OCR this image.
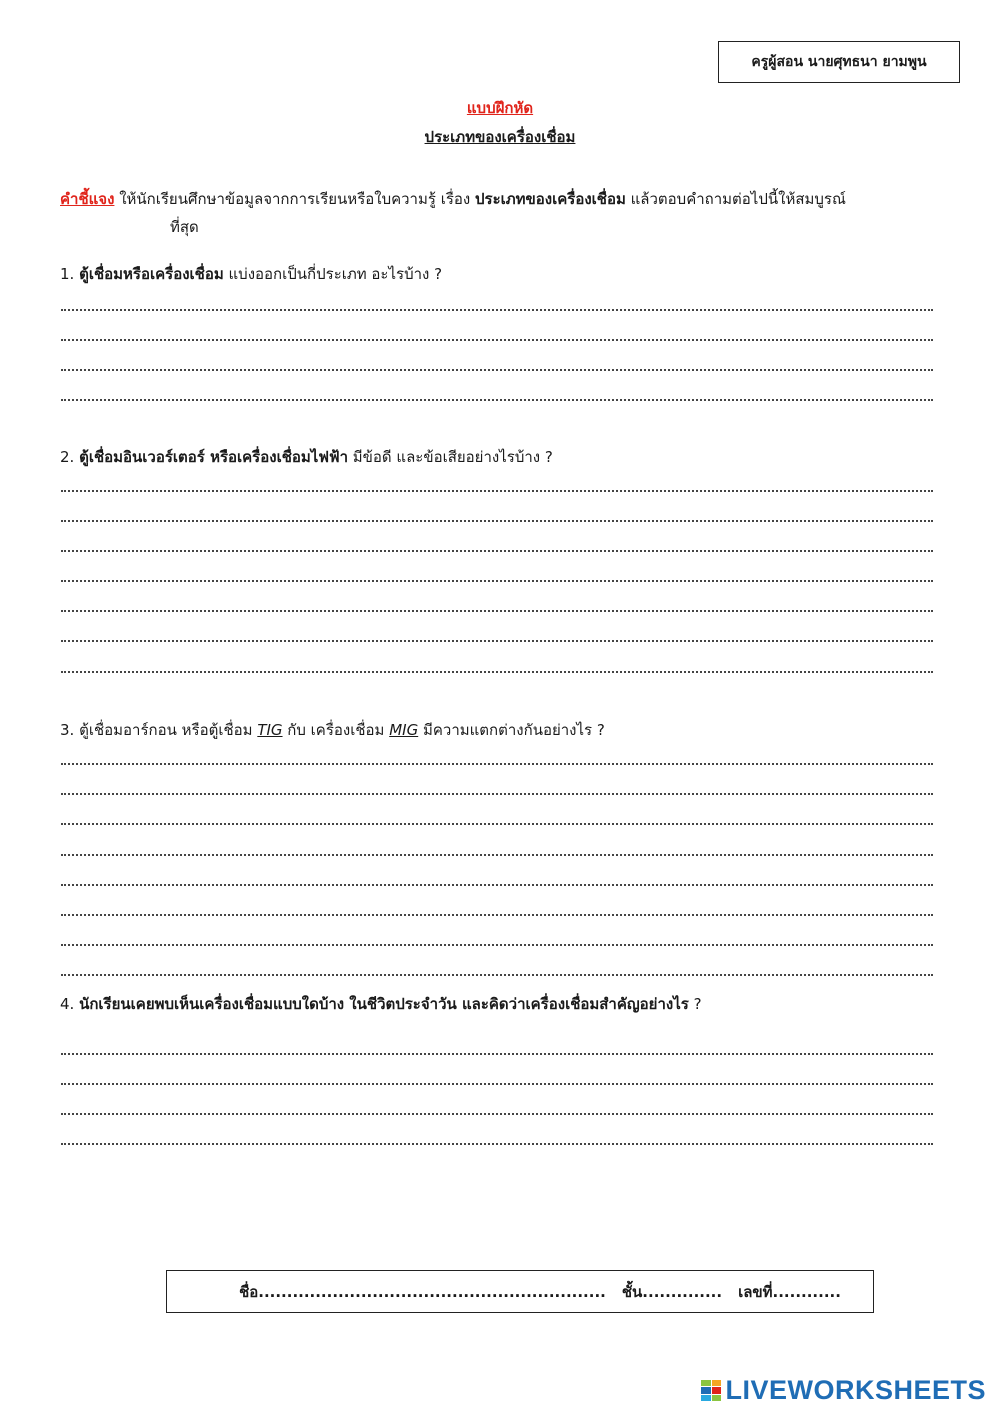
ครูผู้สอน นายศุทธนา ยามพูน
แบบฝึกหัด
ประเภทของเครื่องเชื่อม
คำชี้แจง ให้นักเรียนศึกษาข้อมูลจากการเรียนหรือใบความรู้ เรื่อง ประเภทของเครื่องเชื่อม แล้วตอบคำถามต่อไปนี้ให้สมบูรณ์
ที่สุด
1. ตู้เชื่อมหรือเครื่องเชื่อม แบ่งออกเป็นกี่ประเภท อะไรบ้าง ?
2. ตู้เชื่อมอินเวอร์เตอร์ หรือเครื่องเชื่อมไฟฟ้า มีข้อดี และข้อเสียอย่างไรบ้าง ?
3. ตู้เชื่อมอาร์กอน หรือตู้เชื่อม TIG กับ เครื่องเชื่อม MIG มีความแตกต่างกันอย่างไร ?
4. นักเรียนเคยพบเห็นเครื่องเชื่อมแบบใดบ้าง ในชีวิตประจำวัน และคิดว่าเครื่องเชื่อมสำคัญอย่างไร ?
ชื่อ............................................................. ชั้น.............. เลขที่............
LIVEWORKSHEETS
